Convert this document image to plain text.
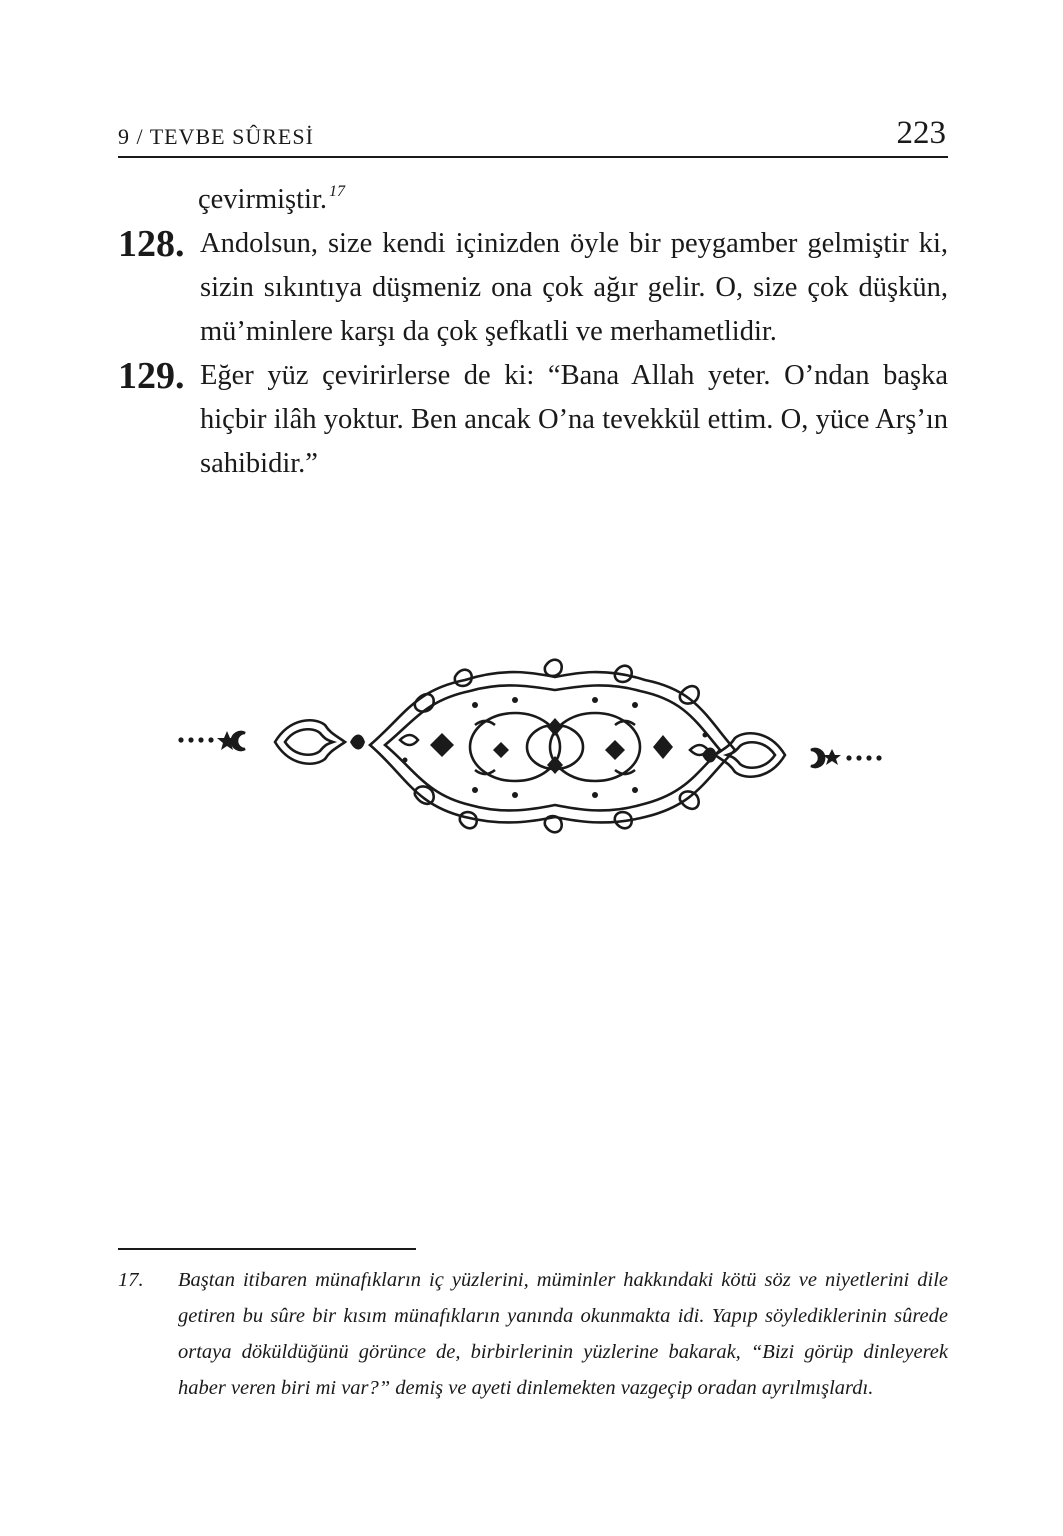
9 / TEVBE SÛRESİ	223
çevirmiştir. $^{17}$
128. Andolsun, size kendi içinizden öyle bir peygamber gelmiştir ki, sizin sıkıntıya düşmeniz ona çok ağır gelir. O, size çok düşkün, mü’minlere karşı da çok şefkatli ve merhametlidir.
129. Eğer yüz çevirirlerse de ki: “Bana Allah yeter. O’ndan başka hiçbir ilâh yoktur. Ben ancak O’na tevekkül ettim. O, yüce Arş’ın sahibidir.”
17.	Baştan itibaren münafıkların iç yüzlerini, müminler hakkındaki kötü söz ve niyetlerini dile getiren bu sûre bir kısım münafıkların yanında okunmakta idi. Yapıp söylediklerinin sûrede ortaya döküldüğünü görünce de, birbirlerinin yüzlerine bakarak, “Bizi görüp dinleyerek haber veren biri mi var?” demiş ve ayeti dinlemekten vazgeçip oradan ayrılmışlardı.
